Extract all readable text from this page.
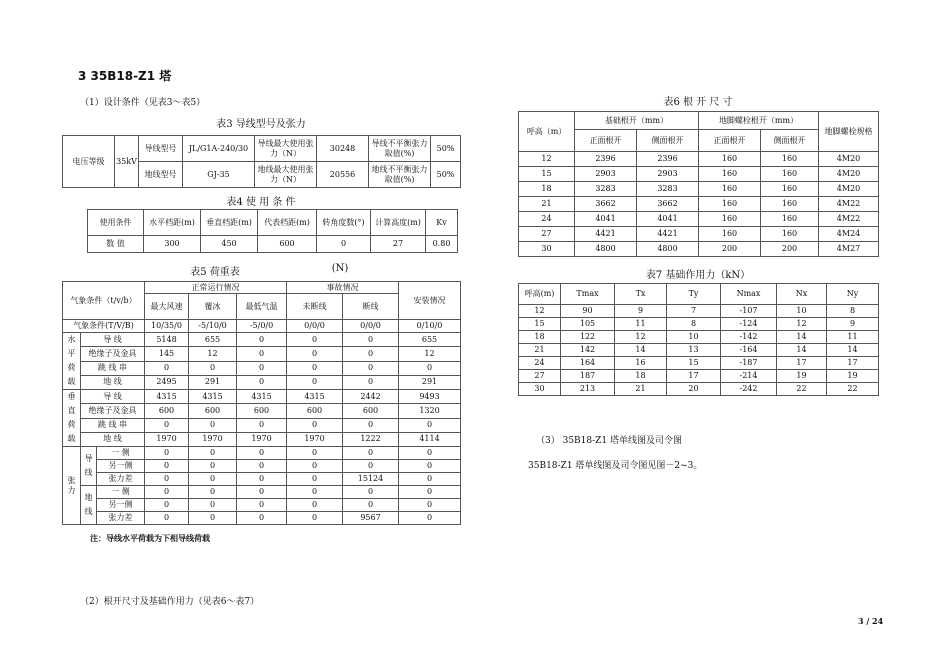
3 35B18-Z1 塔
（1）设计条件（见表3～表5）
表3 导线型号及张力
电压等级	35kV	导线型号	JL/G1A-240/30	导线最大使用张力（N）	30248	导线不平衡张力取值(%)	50%
		地线型号	GJ-35	地线最大使用张力（N）	20556	地线不平衡张力取值(%)	50%
表4 使 用 条 件
使用条件	水平档距(m)	垂直档距(m)	代表档距(m)	转角度数(°)	计算高度(m)	Kv
数 值	300	450	600	0	27	0.80
表5 荷重表	(N)
气象条件（t/v/b）			正常运行情况			事故情况		安装情况
			最大风速	覆冰	最低气温	未断线	断线	
气象条件(T/V/B)			10/35/0	-5/10/0	-5/0/0	0/0/0	0/0/0	0/10/0
水平荷载	导 线		5148	655	0	0	0	655
	绝缘子及金具		145	12	0	0	0	12
	跳 线 串		0	0	0	0	0	0
	地 线		2495	291	0	0	0	291
垂直荷载	导 线		4315	4315	4315	4315	2442	9493
	绝缘子及金具		600	600	600	600	600	1320
	跳 线 串		0	0	0	0	0	0
	地 线		1970	1970	1970	1970	1222	4114
张力	导线	一 侧	0	0	0	0	0	0
		另一侧	0	0	0	0	0	0
		张力差	0	0	0	0	15124	0
	地线	一 侧	0	0	0	0	0	0
		另一侧	0	0	0	0	0	0
		张力差	0	0	0	0	9567	0
注：导线水平荷载为下相导线荷载
（2）根开尺寸及基础作用力（见表6～表7）
表6 根 开 尺 寸
呼高（m）	基础根开（mm）		地脚螺栓根开（mm）		地脚螺栓规格
	正面根开	侧面根开	正面根开	侧面根开	
12	2396	2396	160	160	4M20
15	2903	2903	160	160	4M20
18	3283	3283	160	160	4M20
21	3662	3662	160	160	4M22
24	4041	4041	160	160	4M22
27	4421	4421	160	160	4M24
30	4800	4800	200	200	4M27
表7 基础作用力（kN）
呼高(m)	Tmax	Tx	Ty	Nmax	Nx	Ny
12	90	9	7	-107	10	8
15	105	11	8	-124	12	9
18	122	12	10	-142	14	11
21	142	14	13	-164	14	14
24	164	16	15	-187	17	17
27	187	18	17	-214	19	19
30	213	21	20	-242	22	22
（3） 35B18-Z1 塔单线图及司令图
35B18-Z1 塔单线图及司令图见图－2~3。
3 / 24
